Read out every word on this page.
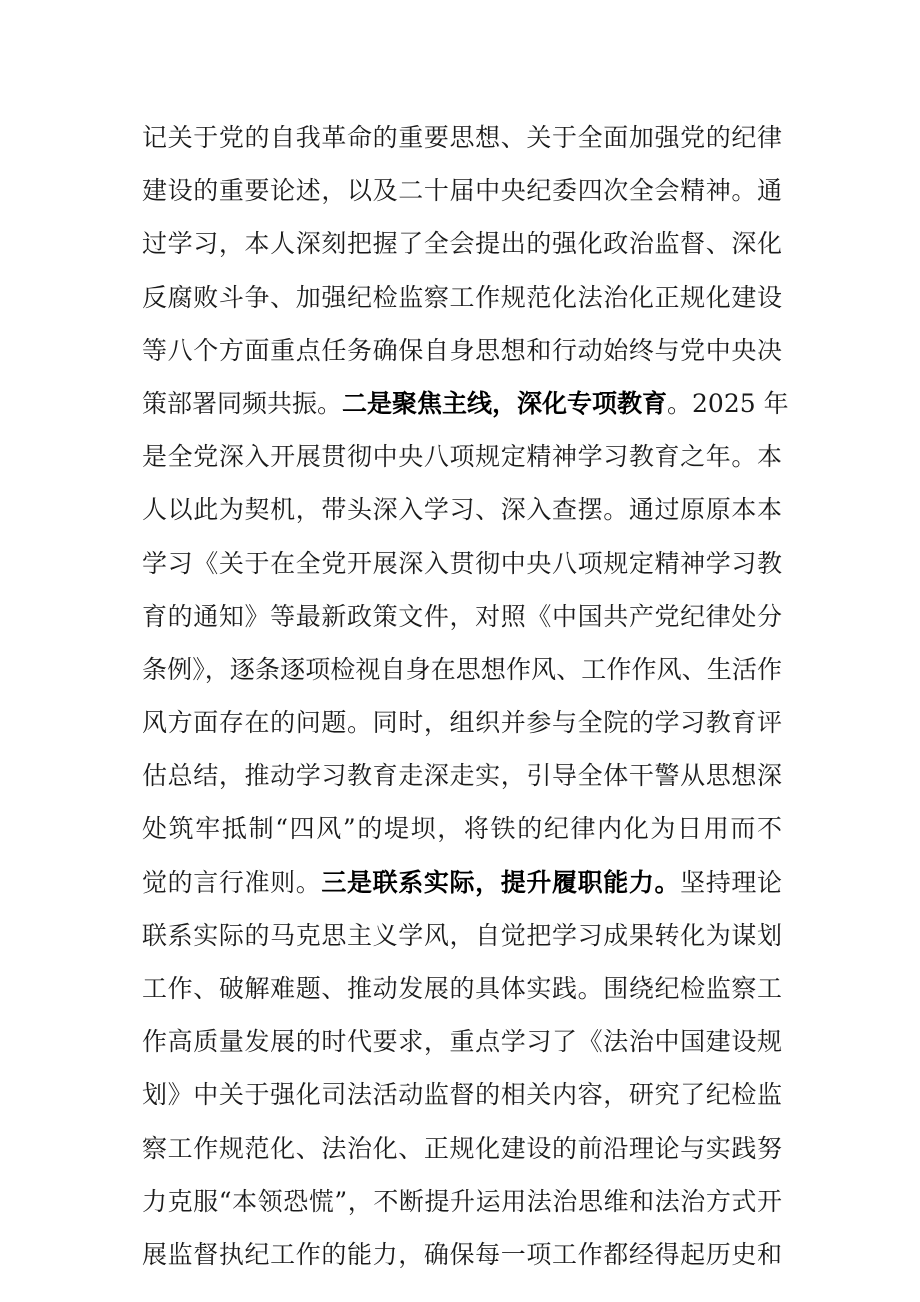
记关于党的自我革命的重要思想、关于全面加强党的纪律
建设的重要论述，以及二十届中央纪委四次全会精神。通
过学习，本人深刻把握了全会提出的强化政治监督、深化
反腐败斗争、加强纪检监察工作规范化法治化正规化建设
等八个方面重点任务确保自身思想和行动始终与党中央决
策部署同频共振。二是聚焦主线，深化专项教育。2025 年
是全党深入开展贯彻中央八项规定精神学习教育之年。本
人以此为契机，带头深入学习、深入查摆。通过原原本本
学习《关于在全党开展深入贯彻中央八项规定精神学习教
育的通知》等最新政策文件，对照《中国共产党纪律处分
条例》，逐条逐项检视自身在思想作风、工作作风、生活作
风方面存在的问题。同时，组织并参与全院的学习教育评
估总结，推动学习教育走深走实，引导全体干警从思想深
处筑牢抵制“四风”的堤坝，将铁的纪律内化为日用而不
觉的言行准则。三是联系实际，提升履职能力。坚持理论
联系实际的马克思主义学风，自觉把学习成果转化为谋划
工作、破解难题、推动发展的具体实践。围绕纪检监察工
作高质量发展的时代要求，重点学习了《法治中国建设规
划》中关于强化司法活动监督的相关内容，研究了纪检监
察工作规范化、法治化、正规化建设的前沿理论与实践努
力克服“本领恐慌”，不断提升运用法治思维和法治方式开
展监督执纪工作的能力，确保每一项工作都经得起历史和
